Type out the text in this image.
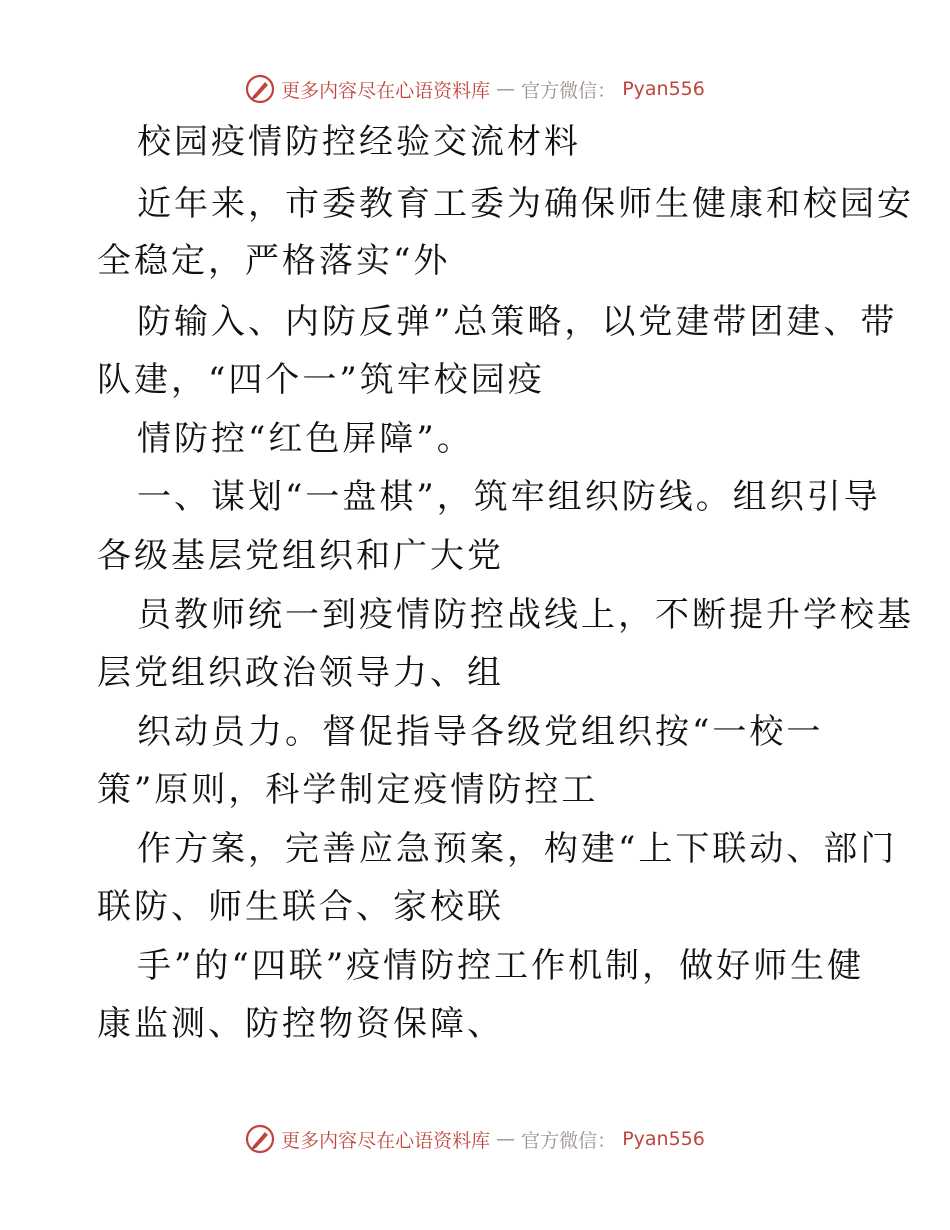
更多内容尽在心语资料库 — 官方微信： Pyan556
校园疫情防控经验交流材料
近年来，市委教育工委为确保师生健康和校园安
全稳定，严格落实“外
防输入、内防反弹”总策略，以党建带团建、带
队建，“四个一”筑牢校园疫
情防控“红色屏障”。
一、谋划“一盘棋”，筑牢组织防线。组织引导
各级基层党组织和广大党
员教师统一到疫情防控战线上，不断提升学校基
层党组织政治领导力、组
织动员力。督促指导各级党组织按“一校一
策”原则，科学制定疫情防控工
作方案，完善应急预案，构建“上下联动、部门
联防、师生联合、家校联
手”的“四联”疫情防控工作机制，做好师生健
康监测、防控物资保障、
更多内容尽在心语资料库 — 官方微信： Pyan556
